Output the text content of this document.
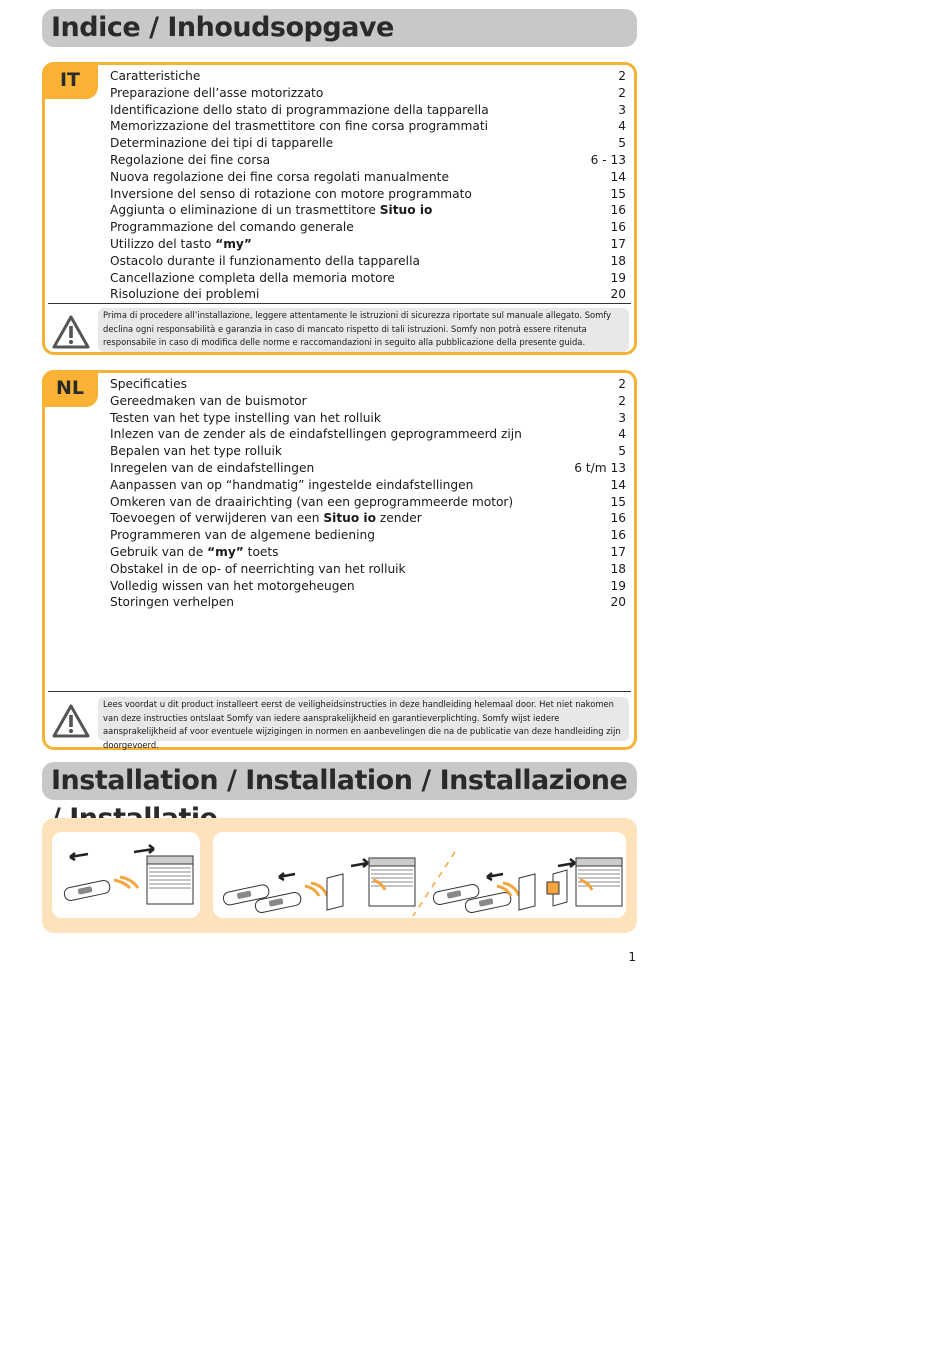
Indice / Inhoudsopgave
IT	Caratteristiche	2
Preparazione dell’asse motorizzato	2
Identificazione dello stato di programmazione della tapparella	3
Memorizzazione del trasmettitore con fine corsa programmati	4
Determinazione dei tipi di tapparelle	5
Regolazione dei fine corsa	6 - 13
Nuova regolazione dei fine corsa regolati manualmente	14
Inversione del senso di rotazione con motore programmato	15
Aggiunta o eliminazione di un trasmettitore Situo io	16
Programmazione del comando generale	16
Utilizzo del tasto “my”	17
Ostacolo durante il funzionamento della tapparella	18
Cancellazione completa della memoria motore	19
Risoluzione dei problemi	20
Prima di procedere all’installazione, leggere attentamente le istruzioni di sicurezza riportate sul manuale allegato. Somfy declina ogni responsabilità e garanzia in caso di mancato rispetto di tali istruzioni. Somfy non potrà essere ritenuta responsabile in caso di modifica delle norme e raccomandazioni in seguito alla pubblicazione della presente guida.
NL	Specificaties	2
Gereedmaken van de buismotor	2
Testen van het type instelling van het rolluik	3
Inlezen van de zender als de eindafstellingen geprogrammeerd zijn	4
Bepalen van het type rolluik	5
Inregelen van de eindafstellingen	6 t/m 13
Aanpassen van op “handmatig” ingestelde eindafstellingen	14
Omkeren van de draairichting (van een geprogrammeerde motor)	15
Toevoegen of verwijderen van een Situo io zender	16
Programmeren van de algemene bediening	16
Gebruik van de “my” toets	17
Obstakel in de op- of neerrichting van het rolluik	18
Volledig wissen van het motorgeheugen	19
Storingen verhelpen	20
Lees voordat u dit product installeert eerst de veiligheidsinstructies in deze handleiding helemaal door. Het niet nakomen van deze instructies ontslaat Somfy van iedere aansprakelijkheid en garantieverplichting. Somfy wijst iedere aansprakelijkheid af voor eventuele wijzigingen in normen en aanbevelingen die na de publicatie van deze handleiding zijn doorgevoerd.
Installation / Installation / Installazione
1
